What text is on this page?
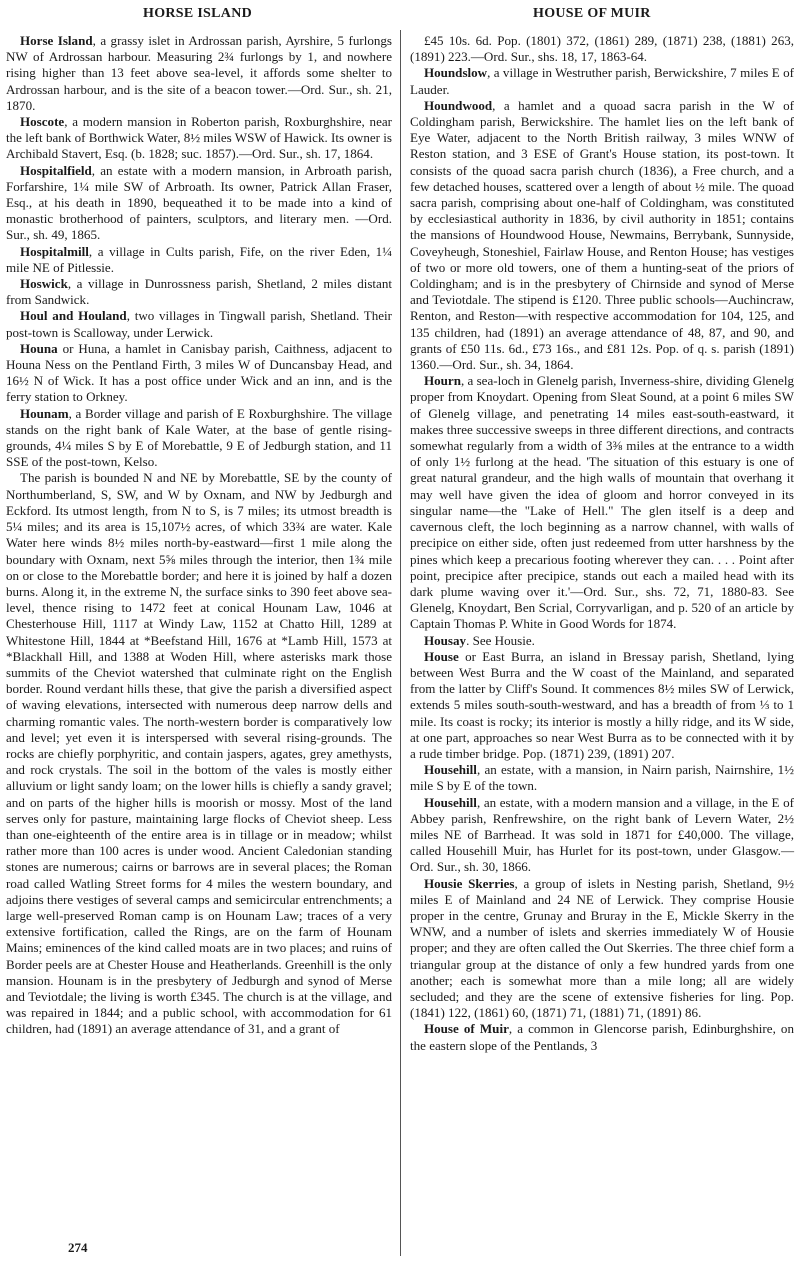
HORSE ISLAND	HOUSE OF MUIR

Horse Island, a grassy islet in Ardrossan parish, Ayrshire, 5 furlongs NW of Ardrossan harbour. Measuring 2¾ furlongs by 1, and nowhere rising higher than 13 feet above sea-level, it affords some shelter to Ardrossan harbour, and is the site of a beacon tower.—Ord. Sur., sh. 21, 1870.

Hoscote, a modern mansion in Roberton parish, Roxburghshire, near the left bank of Borthwick Water, 8½ miles WSW of Hawick. Its owner is Archibald Stavert, Esq. (b. 1828; suc. 1857).—Ord. Sur., sh. 17, 1864.

Hospitalfield, an estate with a modern mansion, in Arbroath parish, Forfarshire, 1¼ mile SW of Arbroath. Its owner, Patrick Allan Fraser, Esq., at his death in 1890, bequeathed it to be made into a kind of monastic brotherhood of painters, sculptors, and literary men. —Ord. Sur., sh. 49, 1865.

Hospitalmill, a village in Cults parish, Fife, on the river Eden, 1¼ mile NE of Pitlessie.

Hoswick, a village in Dunrossness parish, Shetland, 2 miles distant from Sandwick.

Houl and Houland, two villages in Tingwall parish, Shetland. Their post-town is Scalloway, under Lerwick.

Houna or Huna, a hamlet in Canisbay parish, Caithness, adjacent to Houna Ness on the Pentland Firth, 3 miles W of Duncansbay Head, and 16½ N of Wick. It has a post office under Wick and an inn, and is the ferry station to Orkney.

Hounam, a Border village and parish of E Roxburghshire. The village stands on the right bank of Kale Water, at the base of gentle rising-grounds, 4¼ miles S by E of Morebattle, 9 E of Jedburgh station, and 11 SSE of the post-town, Kelso.

The parish is bounded N and NE by Morebattle, SE by the county of Northumberland, S, SW, and W by Oxnam, and NW by Jedburgh and Eckford. Its utmost length, from N to S, is 7 miles; its utmost breadth is 5¼ miles; and its area is 15,107½ acres, of which 33¾ are water. Kale Water here winds 8½ miles north-by-eastward—first 1 mile along the boundary with Oxnam, next 5⅝ miles through the interior, then 1¾ mile on or close to the Morebattle border; and here it is joined by half a dozen burns. Along it, in the extreme N, the surface sinks to 390 feet above sea-level, thence rising to 1472 feet at conical Hounam Law, 1046 at Chesterhouse Hill, 1117 at Windy Law, 1152 at Chatto Hill, 1289 at Whitestone Hill, 1844 at *Beefstand Hill, 1676 at *Lamb Hill, 1573 at *Blackhall Hill, and 1388 at Woden Hill, where asterisks mark those summits of the Cheviot watershed that culminate right on the English border. Round verdant hills these, that give the parish a diversified aspect of waving elevations, intersected with numerous deep narrow dells and charming romantic vales. The north-western border is comparatively low and level; yet even it is interspersed with several rising-grounds. The rocks are chiefly porphyritic, and contain jaspers, agates, grey amethysts, and rock crystals. The soil in the bottom of the vales is mostly either alluvium or light sandy loam; on the lower hills is chiefly a sandy gravel; and on parts of the higher hills is moorish or mossy. Most of the land serves only for pasture, maintaining large flocks of Cheviot sheep. Less than one-eighteenth of the entire area is in tillage or in meadow; whilst rather more than 100 acres is under wood. Ancient Caledonian standing stones are numerous; cairns or barrows are in several places; the Roman road called Watling Street forms for 4 miles the western boundary, and adjoins there vestiges of several camps and semicircular entrenchments; a large well-preserved Roman camp is on Hounam Law; traces of a very extensive fortification, called the Rings, are on the farm of Hounam Mains; eminences of the kind called moats are in two places; and ruins of Border peels are at Chester House and Heatherlands. Greenhill is the only mansion. Hounam is in the presbytery of Jedburgh and synod of Merse and Teviotdale; the living is worth £345. The church is at the village, and was repaired in 1844; and a public school, with accommodation for 61 children, had (1891) an average attendance of 31, and a grant of

£45 10s. 6d. Pop. (1801) 372, (1861) 289, (1871) 238, (1881) 263, (1891) 223.—Ord. Sur., shs. 18, 17, 1863-64.

Houndslow, a village in Westruther parish, Berwickshire, 7 miles E of Lauder.

Houndwood, a hamlet and a quoad sacra parish in the W of Coldingham parish, Berwickshire. The hamlet lies on the left bank of Eye Water, adjacent to the North British railway, 3 miles WNW of Reston station, and 3 ESE of Grant's House station, its post-town. It consists of the quoad sacra parish church (1836), a Free church, and a few detached houses, scattered over a length of about ½ mile. The quoad sacra parish, comprising about one-half of Coldingham, was constituted by ecclesiastical authority in 1836, by civil authority in 1851; contains the mansions of Houndwood House, Newmains, Berrybank, Sunnyside, Coveyheugh, Stoneshiel, Fairlaw House, and Renton House; has vestiges of two or more old towers, one of them a hunting-seat of the priors of Coldingham; and is in the presbytery of Chirnside and synod of Merse and Teviotdale. The stipend is £120. Three public schools—Auchincraw, Renton, and Reston—with respective accommodation for 104, 125, and 135 children, had (1891) an average attendance of 48, 87, and 90, and grants of £50 11s. 6d., £73 16s., and £81 12s. Pop. of q. s. parish (1891) 1360.—Ord. Sur., sh. 34, 1864.

Hourn, a sea-loch in Glenelg parish, Inverness-shire, dividing Glenelg proper from Knoydart. Opening from Sleat Sound, at a point 6 miles SW of Glenelg village, and penetrating 14 miles east-south-eastward, it makes three successive sweeps in three different directions, and contracts somewhat regularly from a width of 3⅜ miles at the entrance to a width of only 1½ furlong at the head. 'The situation of this estuary is one of great natural grandeur, and the high walls of mountain that overhang it may well have given the idea of gloom and horror conveyed in its singular name—the "Lake of Hell." The glen itself is a deep and cavernous cleft, the loch beginning as a narrow channel, with walls of precipice on either side, often just redeemed from utter harshness by the pines which keep a precarious footing wherever they can. . . . Point after point, precipice after precipice, stands out each a mailed head with its dark plume waving over it.'—Ord. Sur., shs. 72, 71, 1880-83. See Glenelg, Knoydart, Ben Scrial, Corryvarligan, and p. 520 of an article by Captain Thomas P. White in Good Words for 1874.

Housay. See Housie.

House or East Burra, an island in Bressay parish, Shetland, lying between West Burra and the W coast of the Mainland, and separated from the latter by Cliff's Sound. It commences 8½ miles SW of Lerwick, extends 5 miles south-south-westward, and has a breadth of from ⅓ to 1 mile. Its coast is rocky; its interior is mostly a hilly ridge, and its W side, at one part, approaches so near West Burra as to be connected with it by a rude timber bridge. Pop. (1871) 239, (1891) 207.

Househill, an estate, with a mansion, in Nairn parish, Nairnshire, 1½ mile S by E of the town.

Househill, an estate, with a modern mansion and a village, in the E of Abbey parish, Renfrewshire, on the right bank of Levern Water, 2½ miles NE of Barrhead. It was sold in 1871 for £40,000. The village, called Househill Muir, has Hurlet for its post-town, under Glasgow.—Ord. Sur., sh. 30, 1866.

Housie Skerries, a group of islets in Nesting parish, Shetland, 9½ miles E of Mainland and 24 NE of Lerwick. They comprise Housie proper in the centre, Grunay and Bruray in the E, Mickle Skerry in the WNW, and a number of islets and skerries immediately W of Housie proper; and they are often called the Out Skerries. The three chief form a triangular group at the distance of only a few hundred yards from one another; each is somewhat more than a mile long; all are widely secluded; and they are the scene of extensive fisheries for ling. Pop. (1841) 122, (1861) 60, (1871) 71, (1881) 71, (1891) 86.

House of Muir, a common in Glencorse parish, Edinburghshire, on the eastern slope of the Pentlands, 3

274
